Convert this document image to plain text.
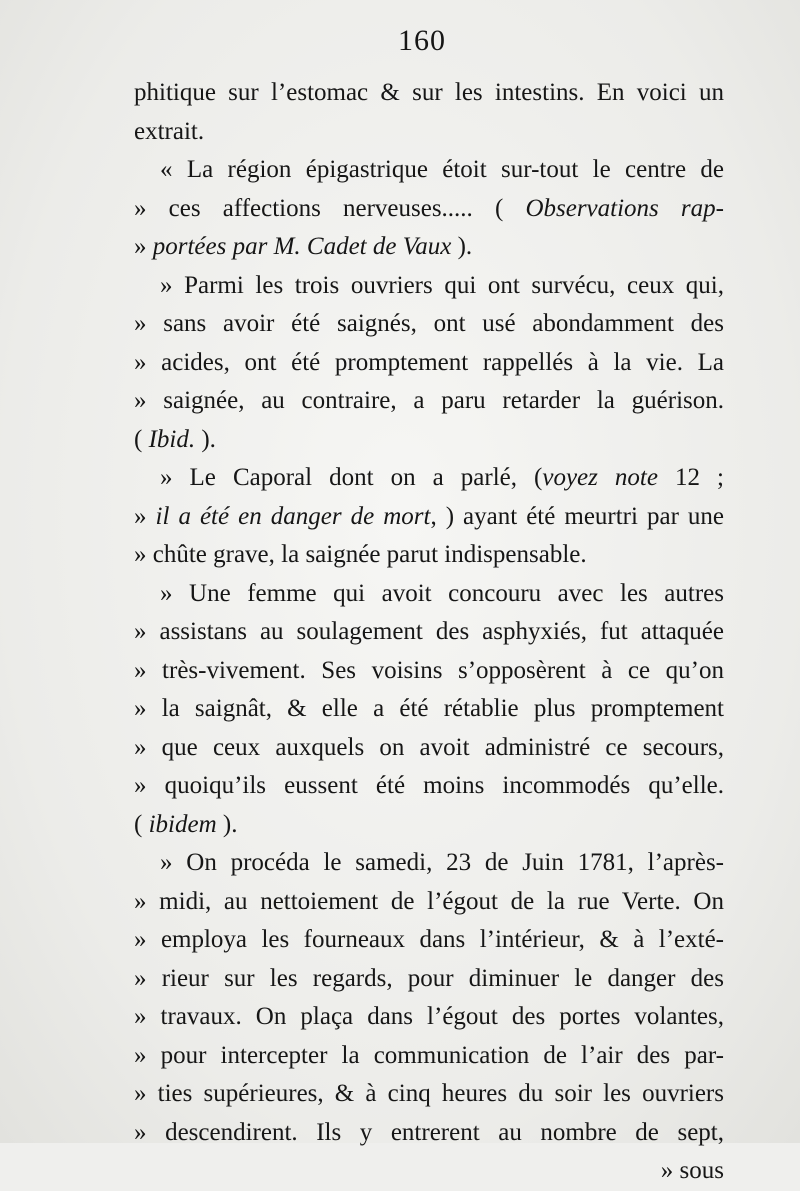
160
phitique sur l’estomac & sur les intestins. En voici un
extrait.
« La région épigastrique étoit sur-tout le centre de
» ces affections nerveuses..... ( Observations rap-
» portées par M. Cadet de Vaux ).
» Parmi les trois ouvriers qui ont survécu, ceux qui,
» sans avoir été saignés, ont usé abondamment des
» acides, ont été promptement rappellés à la vie. La
» saignée, au contraire, a paru retarder la guérison.
( Ibid. ).
» Le Caporal dont on a parlé, (voyez note 12 ;
» il a été en danger de mort, ) ayant été meurtri par une
» chûte grave, la saignée parut indispensable.
» Une femme qui avoit concouru avec les autres
» assistans au soulagement des asphyxiés, fut attaquée
» très-vivement. Ses voisins s’opposèrent à ce qu’on
» la saignât, & elle a été rétablie plus promptement
» que ceux auxquels on avoit administré ce secours,
» quoiqu’ils eussent été moins incommodés qu’elle.
( ibidem ).
» On procéda le samedi, 23 de Juin 1781, l’après-
» midi, au nettoiement de l’égout de la rue Verte. On
» employa les fourneaux dans l’intérieur, & à l’exté-
» rieur sur les regards, pour diminuer le danger des
» travaux. On plaça dans l’égout des portes volantes,
» pour intercepter la communication de l’air des par-
» ties supérieures, & à cinq heures du soir les ouvriers
» descendirent. Ils y entrerent au nombre de sept,
» sous
